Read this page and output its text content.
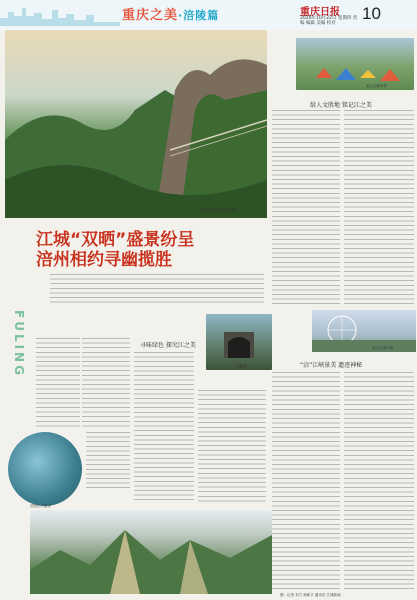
重庆之美·涪陵篇	重庆日报
2020年10月22日 星期四 责编 编辑 美编 校对
10
武陵山大裂谷 特约摄影
美心山寨风景
给人文胜地 铭记江之美
美心红酒小镇
江城“双晒”盛景纷呈
涪州相约寻幽揽胜
FULING	寻味绿色 探究江之美
白鹤梁	“涪”江峡景美 遗迹神秘
武陵山大裂谷
图：记者 刘力 杨新宇 通讯员 江城新闻
